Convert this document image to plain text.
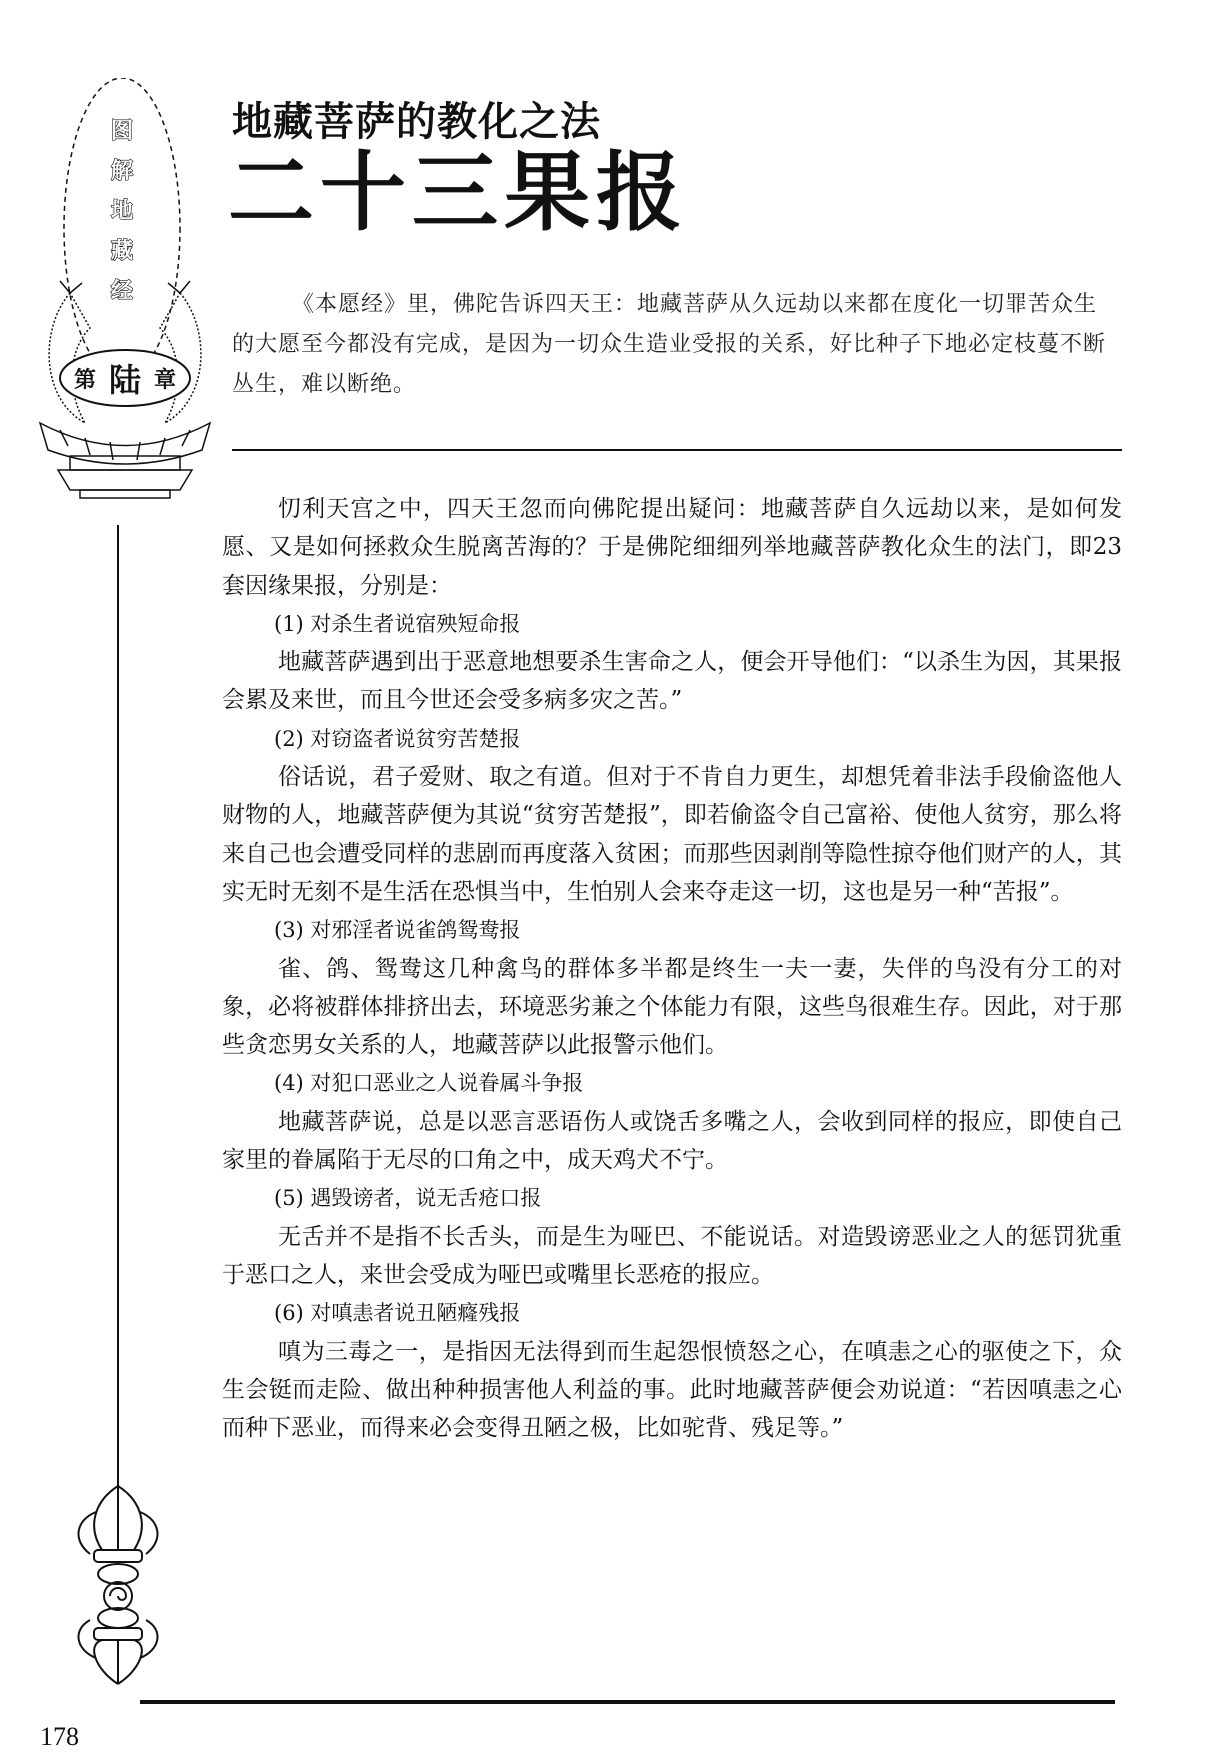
图
解
地
藏
经
第 陆 章
地藏菩萨的教化之法
二十三果报
《本愿经》里，佛陀告诉四天王：地藏菩萨从久远劫以来都在度化一切罪苦众生的大愿至今都没有完成，是因为一切众生造业受报的关系，好比种子下地必定枝蔓不断丛生，难以断绝。

忉利天宫之中，四天王忽而向佛陀提出疑问：地藏菩萨自久远劫以来，是如何发愿、又是如何拯救众生脱离苦海的？于是佛陀细细列举地藏菩萨教化众生的法门，即23套因缘果报，分别是：

(1) 对杀生者说宿殃短命报

地藏菩萨遇到出于恶意地想要杀生害命之人，便会开导他们：“以杀生为因，其果报会累及来世，而且今世还会受多病多灾之苦。”

(2) 对窃盗者说贫穷苦楚报

俗话说，君子爱财、取之有道。但对于不肯自力更生，却想凭着非法手段偷盗他人财物的人，地藏菩萨便为其说“贫穷苦楚报”，即若偷盗令自己富裕、使他人贫穷，那么将来自己也会遭受同样的悲剧而再度落入贫困；而那些因剥削等隐性掠夺他们财产的人，其实无时无刻不是生活在恐惧当中，生怕别人会来夺走这一切，这也是另一种“苦报”。

(3) 对邪淫者说雀鸽鸳鸯报

雀、鸽、鸳鸯这几种禽鸟的群体多半都是终生一夫一妻，失伴的鸟没有分工的对象，必将被群体排挤出去，环境恶劣兼之个体能力有限，这些鸟很难生存。因此，对于那些贪恋男女关系的人，地藏菩萨以此报警示他们。

(4) 对犯口恶业之人说眷属斗争报

地藏菩萨说，总是以恶言恶语伤人或饶舌多嘴之人，会收到同样的报应，即使自己家里的眷属陷于无尽的口角之中，成天鸡犬不宁。

(5) 遇毁谤者，说无舌疮口报

无舌并不是指不长舌头，而是生为哑巴、不能说话。对造毁谤恶业之人的惩罚犹重于恶口之人，来世会受成为哑巴或嘴里长恶疮的报应。

(6) 对嗔恚者说丑陋癃残报

嗔为三毒之一，是指因无法得到而生起怨恨愤怒之心，在嗔恚之心的驱使之下，众生会铤而走险、做出种种损害他人利益的事。此时地藏菩萨便会劝说道：“若因嗔恚之心而种下恶业，而得来必会变得丑陋之极，比如驼背、残足等。”

178
